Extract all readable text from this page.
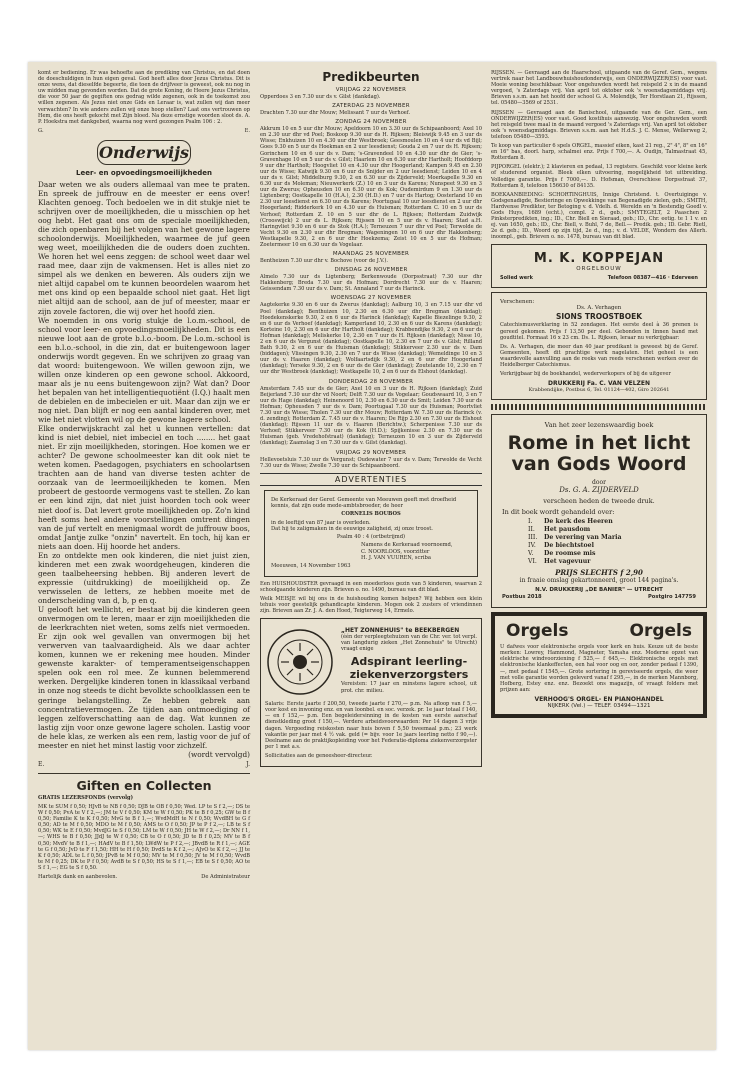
komt er bediening. Er was behoefte aan de prediking van Christus, en dat doen de doeschuldigen in hun eigen geval. God heeft alles door Jezus Christus. Dit is onze wens, dat dieselfde begeerte, die toen de drijfveer is geweest, ook nu nog in uw midden mag gevonden worden. Dat de grote Koning, de Heere Jezus Christus, die voor 50 jaar de gegiften ons gedrag wilde zegenen, ook in de toekomst zou willen zegenen. Als Jezus niet onze Gids en Leraar is, wat zullen wij dan meer verwachten? In wie anders zullen wij onze hoop stellen? Laat ons vertrouwen op Hem, die ons heeft gekocht met Zijn bloed. Na deze ernstige woorden sloot ds. A. P. Hoekstra met dankgebed, waarna nog werd gezongen Psalm 106 : 2.

G.	E.
Onderwijs
Leer- en opvoedingsmoeilijkheden

Daar weten we als ouders allemaal van mee te praten. En spreek de juffrouw en de meester er eens over! Klachten genoeg. Toch bedoelen we in dit stukje niet te schrijven over de moeilijkheden, die u misschien op het oog hebt. Het gaat ons om de speciale moeilijkheden, die zich openbaren bij het volgen van het gewone lagere schoolonderwijs. Moeilijkheden, waarmee de juf geen weg weet, moeilijkheden die de ouders doen zuchten. We horen het wel eens zeggen: de school weet daar wel raad mee, daar zijn de vakmensen. Het is alles niet zo simpel als we denken en beweren. Als ouders zijn we niet altijd capabel om te kunnen beoordelen waarom het met ons kind op een bepaalde school niet gaat. Het ligt niet altijd aan de school, aan de juf of meester, maar er zijn zovele factoren, die wij over het hoofd zien.

We noemden in ons vorig stukje de l.o.m.-school, de school voor leer- en opvoedingsmoeilijkheden. Dit is een nieuwe loot aan de grote b.l.o.-boom. De l.o.m.-school is een b.l.o.-school, in die zin, dat er buitengewoon lager onderwijs wordt gegeven. En we schrijven zo graag van dat woord: buitengewoon. We willen gewoon zijn, we willen onze kinderen op een gewone school. Akkoord, maar als je nu eens buitengewoon zijn? Wat dan? Door het bepalen van het intelligentiequotiënt (I.Q.) haalt men de debielen en de imbecielen er uit. Maar dan zijn we er nog niet. Dan blijft er nog een aantal kinderen over, met wie het niet vlotten wil op de gewone lagere school.

Elke onderwijskracht zal het u kunnen vertellen: dat kind is niet debiel, niet imbeciel en toch ........ het gaat niet. Er zijn moeilijkheden, storingen. Hoe komen we er achter? De gewone schoolmeester kan dit ook niet te weten komen. Paedagogen, psychiaters en schoolartsen trachten aan de hand van diverse testen achter de oorzaak van de leermoeilijkheden te komen. Men probeert de gestoorde vermogens vast te stellen. Zo kan er een kind zijn, dat niet juist hoorden toch ook weer niet doof is. Dat levert grote moeilijkheden op. Zo'n kind heeft soms heel andere voorstellingen omtrent dingen van de juf vertelt en menigmaal wordt de juffrouw boos, omdat Jantje zulke "onzin" navertelt. En toch, hij kan er niets aan doen. Hij hoorde het anders.

En zo ontdekte men ook kinderen, die niet juist zien, kinderen met een zwak woordgeheugen, kinderen die geen taalbeheersing hebben. Bij anderen levert de expressie (uitdrukking) de moeilijkheid op. Ze verwisselen de letters, ze hebben moeite met de onderscheiding van d, b, p en q.

U gelooft het wellicht, er bestaat bij die kinderen geen onvermogen om te leren, maar er zijn moeilijkheden die de leerkrachten niet weten, soms zelfs niet vermoeden. Er zijn ook wel gevallen van onvermogen bij het verwerven van taalvaardigheid. Als we daar achter komen, kunnen we er rekening mee houden. Minder gewenste karakter- of temperamentseigenschappen spelen ook een rol mee. Ze kunnen belemmerend werken. Dergelijke kinderen tonen in klassikaal verband in onze nog steeds te dicht bevolkte schoolklassen een te geringe belangstelling. Ze hebben gebrek aan concentratievermogen. Ze tijden aan ontmoediging of leggen zelfoverschatting aan de dag. Wat kunnen ze lastig zijn voor onze gewone lagere scholen. Lastig voor de hele klas, ze werken als een rem, lastig voor de juf of meester en niet het minst lastig voor zichzelf.

(wordt vervolgd)

E.	J.
Giften en Collecten
GRATIS LEZERSFONDS (vervolg)

MK te SUM f 0,50; HJvB te NB f 0,50; DJB te OB f 0,50; Wed. LP te S f 2,—; DS te W f 0,50; PvA te V f 2,—; JM te V f 0,50; KM te W f 0,50; PK te B f 0,25; GW te B f 0,50; Familie K te K f 0,50; MvG te B f 1,—; WvdMdH te N f 0,50; WvdBH te G f 0,50; AD te M f 0,50; MDO te M f 0,50; AMS te O f 0,50; JP te P f 2,—; LB te S f 0,50; WK te E f 0,50; MvdJG te S f 0,50; LM te W f 0,50; JH te W f 2,—; Dr NN f 1,—; WHS te B f 0,50; JJdJ te W f 0,50; CB te O f 0,50; JD te B f 0,25; MV te B f 0,50; MvdV te B f 1,—; HAdV te B f 1,50; LWdW te P f 2,—; JBvdB te R f 1,—; AGE te G f 0,50; JvD te F f 1,50; HH te H f 0,50; DvdS te K f 2,—; AJvO te K f 2,—; JJ te K f 0,50; ADL te L f 0,50; JPvB te M f 0,50; MV te M f 0,50; JV te M f 0,50; WvdB te M f 0,25; DK te P f 0,50; AvdB te S f 0,50; HS te S f 1,—; EB te S f 0,50; AO te S f 1,—; EG te S f 0,50.

Hartelijk dank en aanbevolen.	De Administrateur
Predikbeurten
VRIJDAG 22 NOVEMBER

Opperdoes 3 en 7.30 uur ds v. Gilst (dankdag).

ZATERDAG 23 NOVEMBER

Drachten 7.30 uur dhr Mouw; Melissant 7 uur ds Verhoef.

ZONDAG 24 NOVEMBER

Akkrum 10 en 5 uur dhr Mouw; Apeldoorn 10 en 3.30 uur ds Schipaanboord; Axel 10 en 2.30 uur dhr vd Poel; Boskoop 9.30 uur ds H. Rijksen; Bleiswijk 9.45 en 3 uur ds Wisse; Enkhuizen 10 en 4.30 uur dhr Westbroek; Geesmoulen 10 en 4 uur ds vd Bijl; Goes 9.30 en 5 uur ds Hoekman en 2 uur leesdienst; Gouda 2 en 7 uur ds H. Rijksen; Gorinchem 10 en 6 uur ds v. Dam; 's-Gravendeel 10 en 4.30 uur dhr de Gier; 's-Gravenhage 10 en 5 uur ds v. Gilst; Haarlem 10 en 6.30 uur dhr Hartholt; Hoofddorp 9 uur dhr Hartholt; Hoogvliet 10 en 4.30 uur dhr Hoogerland; Kampen 9.45 en 2.30 uur ds Wisse; Katwijk 9.30 en 6 uur ds Snijder en 2 uur leesdienst; Leiden 10 en 4 uur ds v. Gilst; Middelburg 9.30, 2 en 6.30 uur ds Zijderveld; Moerkapelle 9.30 en 6.30 uur ds Moleman; Nieuwerkerk (Z.) 10 en 3 uur ds Karens; Nunspeet 9.30 en 3 uur ds Zwerus; Opheusden 10 en 6.30 uur ds Kok; Oudemirdum 9 en 1.30 uur ds Ligtenberg; Oostkapelle 10 (H.A.), 2.30 (H.D.) en 7 uur ds Hartog; Oosterland 10 en 2.30 uur leesdienst en 6.30 uur ds Karens; Poortugaal 10 uur leesdienst en 2 uur dhr Hoogerland; Ridderkerk 10 en 4.30 uur ds Huisman; Rotterdam C. 10 en 5 uur ds Verhoef; Rotterdam Z. 10 en 5 uur dhr de L. Rijksen; Rotterdam Zuidwijk (Crooswijck) 2 uur ds L. Rijksen; Rijssen 10 en 5 uur ds v. Haaren; Stad a.H. Haringvliet 9.30 en 6 uur ds Stok (H.A.); Terneuzen 7 uur dhr vd Poel; Terwolde de Vecht 9.30 en 2.30 uur dhr Bregman; Wageningen 10 en 6 uur dhr Hakkenberg; Westkapelle 9.30, 2 en 6 uur dhr Hoekzema; Zeist 10 en 5 uur ds Hofman; Zoetermeer 10 en 6.30 uur ds Vogelaar.

MAANDAG 25 NOVEMBER

Bentheizen 7.30 uur dhr v. Bochove (voor de J.V.).

DINSDAG 26 NOVEMBER

Almelo 7.30 uur ds Ligtenberg; Berkenwoude (Dorpsstraat) 7.30 uur dhr Hakkenberg; Breda 7.30 uur ds Hofman; Dordrecht 7.30 uur ds v. Haaren; Geissendam 7.30 uur ds v. Dam; St. Annaland 7 uur ds Harinck.

WOENSDAG 27 NOVEMBER

Aagtekerke 9.30 en 6 uur ds Zwerus (dankdag); Aalburg 10, 3 en 7.15 uur dhr vd Poel (dankdag); Benthuizen 10, 2.30 en 6.30 uur dhr Bregman (dankdag); Hoedekenskerke 9.30, 2 en 6 uur ds Harinck (dankdag); Kapelle Biezelinge 9.30, 2 en 6 uur ds Verhoef (dankdag); Kamperland 10, 2.30 en 6 uur ds Karens (dankdag); Korteine 10, 2.30 en 6 uur dhr Hartholt (dankdag); Krabbendijke 9.30, 2 en 6 uur ds Hofman (dankdag); Meliskerke 10, 2.30 en 7 uur ds H. Rijksen (dankdag); Nisse 10, 2 en 6 uur ds Vergunst (dankdag); Oostkapelle 10, 2.30 en 7 uur ds v. Gilst; Rilland Bath 9.30, 2 en 6 uur ds Huisman (dankdag); Stikkerveer 2.30 uur ds v. Dam (biddagen); Vlissingen 9.30, 2.30 en 7 uur ds Wisse (dankdag); Wemeldinge 10 en 3 uur ds v. Haaren (dankdag); Wolfaartsdijk 9.30, 2 en 6 uur dhr Hoogerland (dankdag); Yerseke 9.30, 2 en 6 uur ds de Gier (dankdag); Zoutelande 10, 2.30 en 7 uur dhr Westbroek (dankdag); Westkapelle 10, 2 en 6 uur ds Elshout (dankdag).

DONDERDAG 28 NOVEMBER

Amsterdam 7.45 uur ds de Gier; Axel 10 en 3 uur ds H. Rijksen (dankdag); Zuid Beijerland 7.30 uur dhr vd Noort; Delft 7.30 uur ds Vogelaar; Goudswaard 10, 3 en 7 uur ds Hage (dankdag); Heinenoord 10, 2.30 en 6.30 uur ds Smit; Leiden 7.30 uur ds Hofman; Opheusden 7 uur ds v. Dam; Poortugaal 7.30 uur ds Huisman; Poortvliet 7.30 uur ds Wisse; Tholen 7.30 uur dhr Mouw; Rotterdam W. 7.30 uur ds Harinck (v. d. zending); Rotterdam Z. 7.45 uur ds v. Haaren; De Rijp 2.30 en 7.30 uur ds Elshout (dankdag); Rijssen 11 uur ds v. Haaren (Berichtw.); Scherpenisse 7.30 uur ds Verhoef; Stikkerveer 7.30 uur ds Kok (H.D.); Spijkenisse 2.30 en 7.30 uur ds Huisman (geb. Vredehofstraat) (dankdag); Terneuzen 10 en 3 uur ds Zijderveld (dankdag); Zaamslag 3 en 7.30 uur ds v. Gilst (dankdag).

VRIJDAG 29 NOVEMBER

Hellevoetsluis 7.30 uur ds Vergunst; Oudewater 7 uur ds v. Dam; Terwolde de Vecht 7.30 uur ds Wisse; Zwolle 7.30 uur ds Schipaanboord.

ADVERTENTIES
De Kerkeraad der Geref. Gemeente van Meeuwen geeft met droefheid kennis, dat zijn oude mede-ambtsbroeder, de heer
CORNELIS BOUBOS
in de leeftijd van 87 jaar is overleden.
Dat hij te zaligmaken in de eeuwige zaligheid, zij onze troost.
Psalm 40 : 4 (ortbetrijmd)
Namens de Kerkeraad voornoemd,
C. NOORLOOS, voorzitter
H. J. VAN VUUREN, scriba
Meeuwen, 14 November 1963

Een HUISHOUDSTER gevraagd in een moederloos gezin van 5 kinderen, waarvan 2 schoolgaande kinderen zijn. Brieven o. no. 1490, bureau van dit blad.

Welk MEISJE wil bij ons in de huishouding komen helpen? Wij hebben een klein tehuis voor geestelijk gehandicapte kinderen. Mogen ook 2 zusters of vriendinnen zijn. Brieven aan Zr. J. A. den Hoed, Teigterweg 14, Ermelo.

„HET ZONNEHUIS" te BEEKBERGEN
(één der verpleegtehuizen van de Chr. ver. tot verpl. van langdurig zieken „Het Zonnehuis" te Utrecht) vraagt enige
Adspirant leerling-ziekenverzorgsters
Vereisten: 17 jaar en minstens lagere school, uit prot. chr. milieu.

Salaris: Eerste jaarte f 200,50, tweede jaarte f 270,— p.m. Na afloop van f 5,— voor kost en inwoning enz. en van loonbel. en soc. verzek. pr. 1e jaar totaal f 140,— en f 152,— p.m. Een begeleidersinning in de kosten van eerste aanschaf dienstkleding groot f 150,—. Verdere arbeidsvoorwaarden: Per 14 dagen 3 vrije dagen. Vergoeding reiskosten naar huis boven f 5,50 tweemaal p.m.; 23 werk vakantie per jaar met 4 ½ vak. geld (= bijv. voor 1e jaars leerling netto f 90,—). Deelname aan de praktijkopleiding voor het Federatie-diploma ziekenverzorgster per 1 met a.s.

Sollicitaties aan de geneesheer-directeur.

RIJSSEN. — Gevraagd aan de Haarschool, uitgaande van de Geref. Gem., wegens vertrek naar het Landbouwhuishoudonderwijs, een ONDERWIJZER(ES) voor vast. Moeie woning beschikbaar. Voor ongehuwden wordt het reispeld 2 x in de maand vergoed, 's Zaterdags vrij. Van april tot oktober ook 's woensdagsmiddags vrij. Brieven s.s.m. aan het hoofd der school G. A. Molendijk, Ter Horstlaan 21, Rijssen, tel. 05480—3569 of 2531.

RIJSSEN — Gevraagd aan de Banischool, uitgaande van de Ger. Gem., een ONDERWIJZER(ES) voor vast. Goed kostihuis aanwezig. Voor ongehuwden wordt het reisgeld twee maal in de maand vergoed 's Zaterdags vrij. Van april tot oktober ook 's woensdagmiddags. Brieven s.s.m. aan het H.d.S. J. C. Mense, Wellerweg 2, telefoon 05480—3593.

Te koop van particulier 6 spels ORGEL, massief eiken, kast 21 reg., 2" 4", 8" en 16" en 16" bas, doorl. harp, schalmei enz. Prijs f 700,—. A. Oudijn, Talmastraat 45, Rotterdam 8.

PIJPORGEL (elektr.); 2 klavieren en pedaal, 13 registers. Geschikt voor kleine kerk of studerend organist. Bleek elken uitvoering, mogelijkheid tot uitbreiding. Volledige garantie. Prijs f 7000,—. D. Hofsman, Overschiese Dorpsstraat 37, Rotterdam 8, telefoon 156630 of 84135.

BOEKAANBIEDING: SCHORTINGHUIS, Innige Christend. t. Overtuiginge v. Godsgenadigde, Bestieringe en Opwekkinge van Begenadigde zielen, geb.; SMITH, Hardvense Predikter, ter Betoging v. d. Vdelh. d. Wereldn en 'n Bestendig Goedl v. Gods Huys, 1689 (echt.), compl. 2 d., geb.; SMYTEGELT, 2 Paaschen 2 Pinksterpredikten, ing.; ID., Chr. Biell en Sieraad, geb.; ID., Chr. eetig. te 1 1 v. en ej. van 1650, geb.; ID., Chr. Biell, v. Buhl, 7 de, Bell.— Predik. geb.; ID. Gebr. Rietl, 2e d. geb.; ID., Woord op zijn tijd, 2e d., ing.; v. d. VELDE, Wondern des Allerh. inoompl., geb. Brieven o. no. 1478, bureau van dit blad.

M. K. KOPPEJAN
ORGELBOUW
Solied werk	Telefoon 08387—416 · Ederveen
Verschenen:
Ds. A. Verhagen
SIONS TROOSTBOEK

Catechismusverklaring in 52 zondagen. Het eerste deel à 36 prenen is gereed gekomen. Prijs f 13,50 per deel. Gebonden in linnen band met goudtitel. Formaat 16 x 23 cm. Ds. L. Rijksen, leraar nu verkrijgbaar:

Ds. A. Verhagen, die meer dan 40 jaar predikant is geweest bij de Geref. Gemeenten, heeft dit prachtige werk nagelaten. Het geheel is een waardevolle aanvulling aan de reeks van reeds verschenen werken over de Heidelberger Catechismus.

Verkrijgbaar bij de boekhandel, wederverkopers of bij de uitgever

DRUKKERIJ Fa. C. VAN VELZEN
Krabbendijke, Postbus 6, Tel. 01124—402, Giro 202641
Van het zeer lezenswaardig boek
Rome in het licht van Gods Woord
door
Ds. G. A. ZIJDERVELD
verscheen heden de tweede druk.
In dit boek wordt gehandeld over:
I. De kerk des Heeren
II. Het pausdom
III. De verering van Maria
IV. De biechtstoel
V. De roomse mis
VI. Het vagevuur
PRIJS SLECHTS f 2,90
in fraaie omslag gekartonneerd, groot 144 pagina's.
N.V. DRUKKERIJ „DE BANIER" — UTRECHT
Postbus 2018	Postgiro 147759
Orgels	Orgels

U dafwes voor elektronische orgels voor kerk en huis. Keuze uit de beste merken: Lowrey, Hammond, Magneter, Yamaha enz. Moderne opzet van elektrische windvoorziening f 525,— f 645,—. Elektronische orgels met elektronische klankeffecten, een hal voor oog en oor, zonder pedaal f 1390,—, met pedaal f 1545,—. Grote sortering in gereviseerde orgels, die weer met volle garantie worden geleverd vanaf f 295,—, in de merken Mannborg, Hofberg, Estey enz. enz. Bezoekt ons magazijn, of vraagt folders met prijzen aan:

VERHOOG'S ORGEL- EN PIANOHANDEL
NIJKERK (Vel.) — TELEF. 03494—1321
